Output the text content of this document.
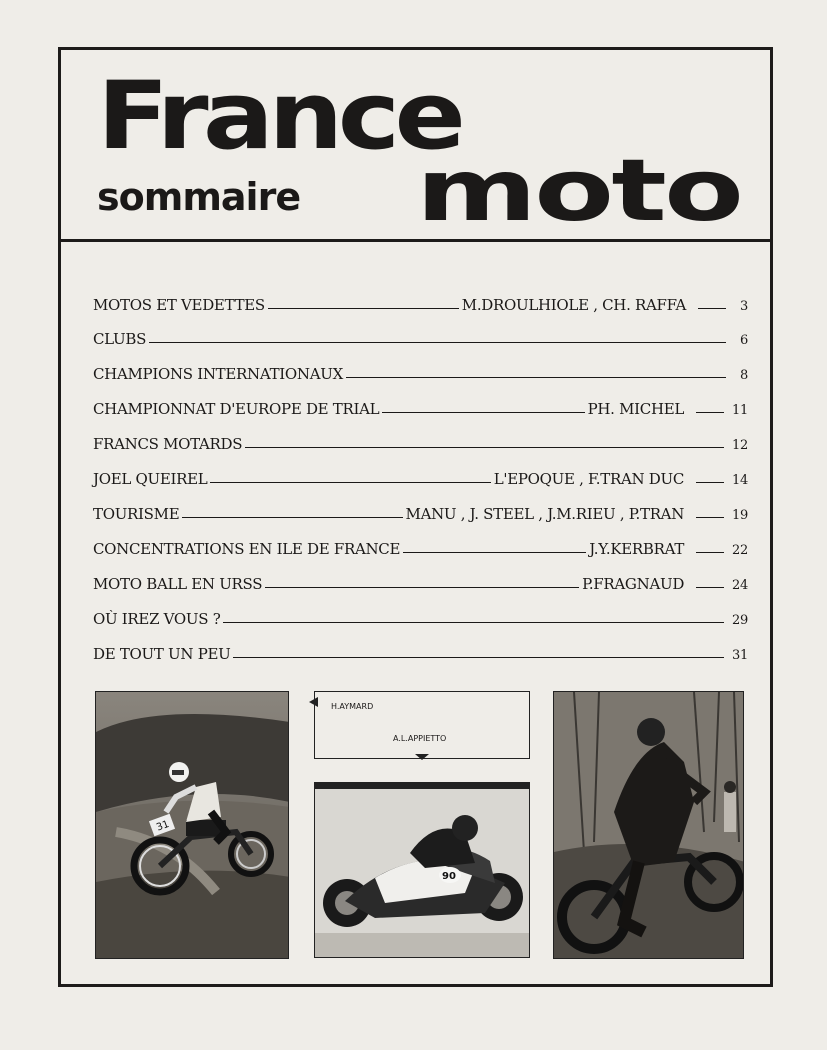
France
sommaire moto
MOTOS ET VEDETTES	M.DROULHIOLE , CH. RAFFA	3
CLUBS	6
CHAMPIONS INTERNATIONAUX	8
CHAMPIONNAT D'EUROPE DE TRIAL	PH. MICHEL	11
FRANCS MOTARDS	12
JOEL QUEIREL	L'EPOQUE , F.TRAN DUC	14
TOURISME	MANU , J. STEEL , J.M.RIEU , P.TRAN	19
CONCENTRATIONS EN ILE DE FRANCE	J.Y.KERBRAT	22
MOTO BALL EN URSS	P.FRAGNAUD	24
OÙ IREZ VOUS ?	29
DE TOUT UN PEU	31
31
H.AYMARD
A.L.APPIETTO
90
